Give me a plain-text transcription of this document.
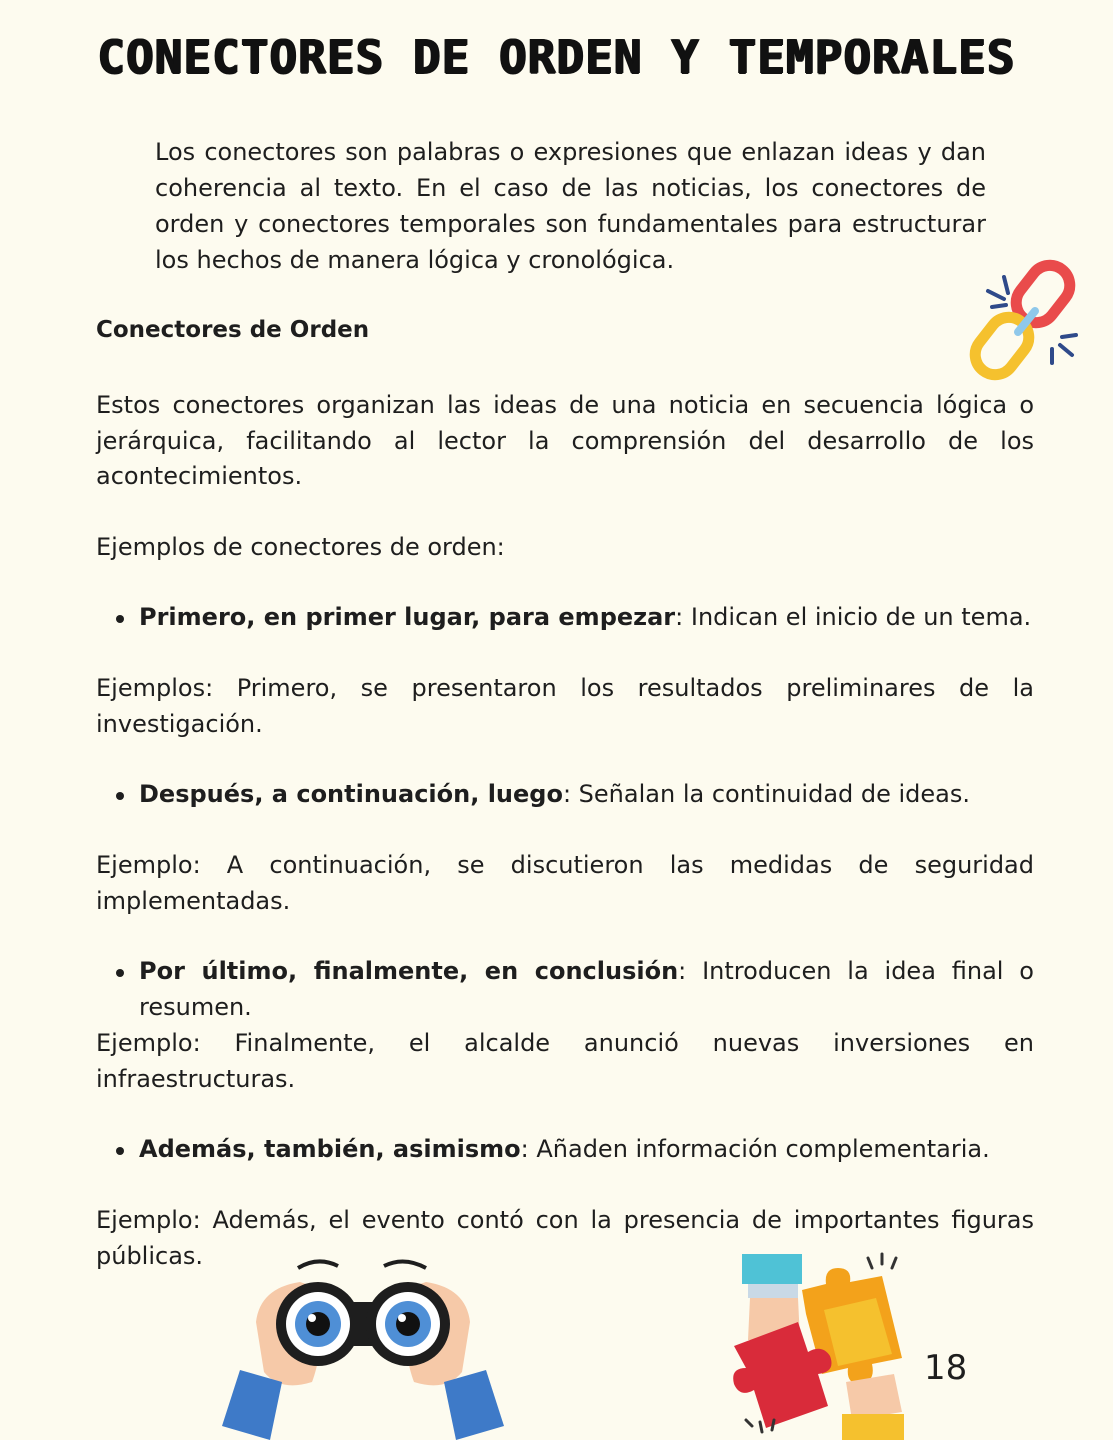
CONECTORES DE ORDEN Y TEMPORALES

Los conectores son palabras o expresiones que enlazan ideas y dan coherencia al texto. En el caso de las noticias, los conectores de orden y conectores temporales son fundamentales para estructurar los hechos de manera lógica y cronológica.

Conectores de Orden

Estos conectores organizan las ideas de una noticia en secuencia lógica o jerárquica, facilitando al lector la comprensión del desarrollo de los acontecimientos.

Ejemplos de conectores de orden:

Primero, en primer lugar, para empezar: Indican el inicio de un tema.

Ejemplos: Primero, se presentaron los resultados preliminares de la investigación.

Después, a continuación, luego: Señalan la continuidad de ideas.

Ejemplo: A continuación, se discutieron las medidas de seguridad implementadas.

Por último, finalmente, en conclusión: Introducen la idea final o resumen.

Ejemplo: Finalmente, el alcalde anunció nuevas inversiones en infraestructuras.

Además, también, asimismo: Añaden información complementaria.

Ejemplo: Además, el evento contó con la presencia de importantes figuras públicas.

18
